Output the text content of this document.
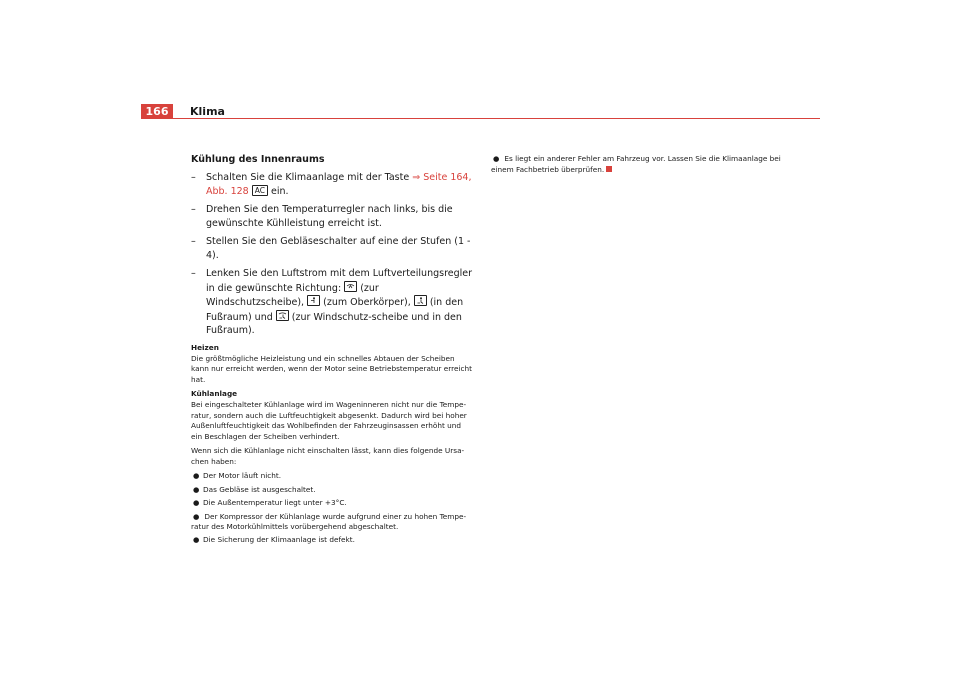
166	Klima
Kühlung des Innenraums
– Schalten Sie die Klimaanlage mit der Taste ⇒ Seite 164, Abb. 128 AC ein.
– Drehen Sie den Temperaturregler nach links, bis die gewünschte Kühlleistung erreicht ist.
– Stellen Sie den Gebläseschalter auf eine der Stufen (1 - 4).
– Lenken Sie den Luftstrom mit dem Luftverteilungsregler in die gewünschte Richtung:
(zur Windschutzscheibe),
(zum Oberkörper),
(in den Fußraum) und
(zur Windschutz-scheibe und in den Fußraum).
Heizen
Die größtmögliche Heizleistung und ein schnelles Abtauen der Scheiben kann nur erreicht werden, wenn der Motor seine Betriebstemperatur erreicht hat.
Kühlanlage
Bei eingeschalteter Kühlanlage wird im Wageninneren nicht nur die Tempe-ratur, sondern auch die Luftfeuchtigkeit abgesenkt. Dadurch wird bei hoher Außenluftfeuchtigkeit das Wohlbefinden der Fahrzeuginsassen erhöht und ein Beschlagen der Scheiben verhindert.
Wenn sich die Kühlanlage nicht einschalten lässt, kann dies folgende Ursa-chen haben:
● Der Motor läuft nicht.
● Das Gebläse ist ausgeschaltet.
● Die Außentemperatur liegt unter +3°C.
● Der Kompressor der Kühlanlage wurde aufgrund einer zu hohen Tempe-ratur des Motorkühlmittels vorübergehend abgeschaltet.
● Die Sicherung der Klimaanlage ist defekt.
● Es liegt ein anderer Fehler am Fahrzeug vor. Lassen Sie die Klimaanlage bei einem Fachbetrieb überprüfen.
